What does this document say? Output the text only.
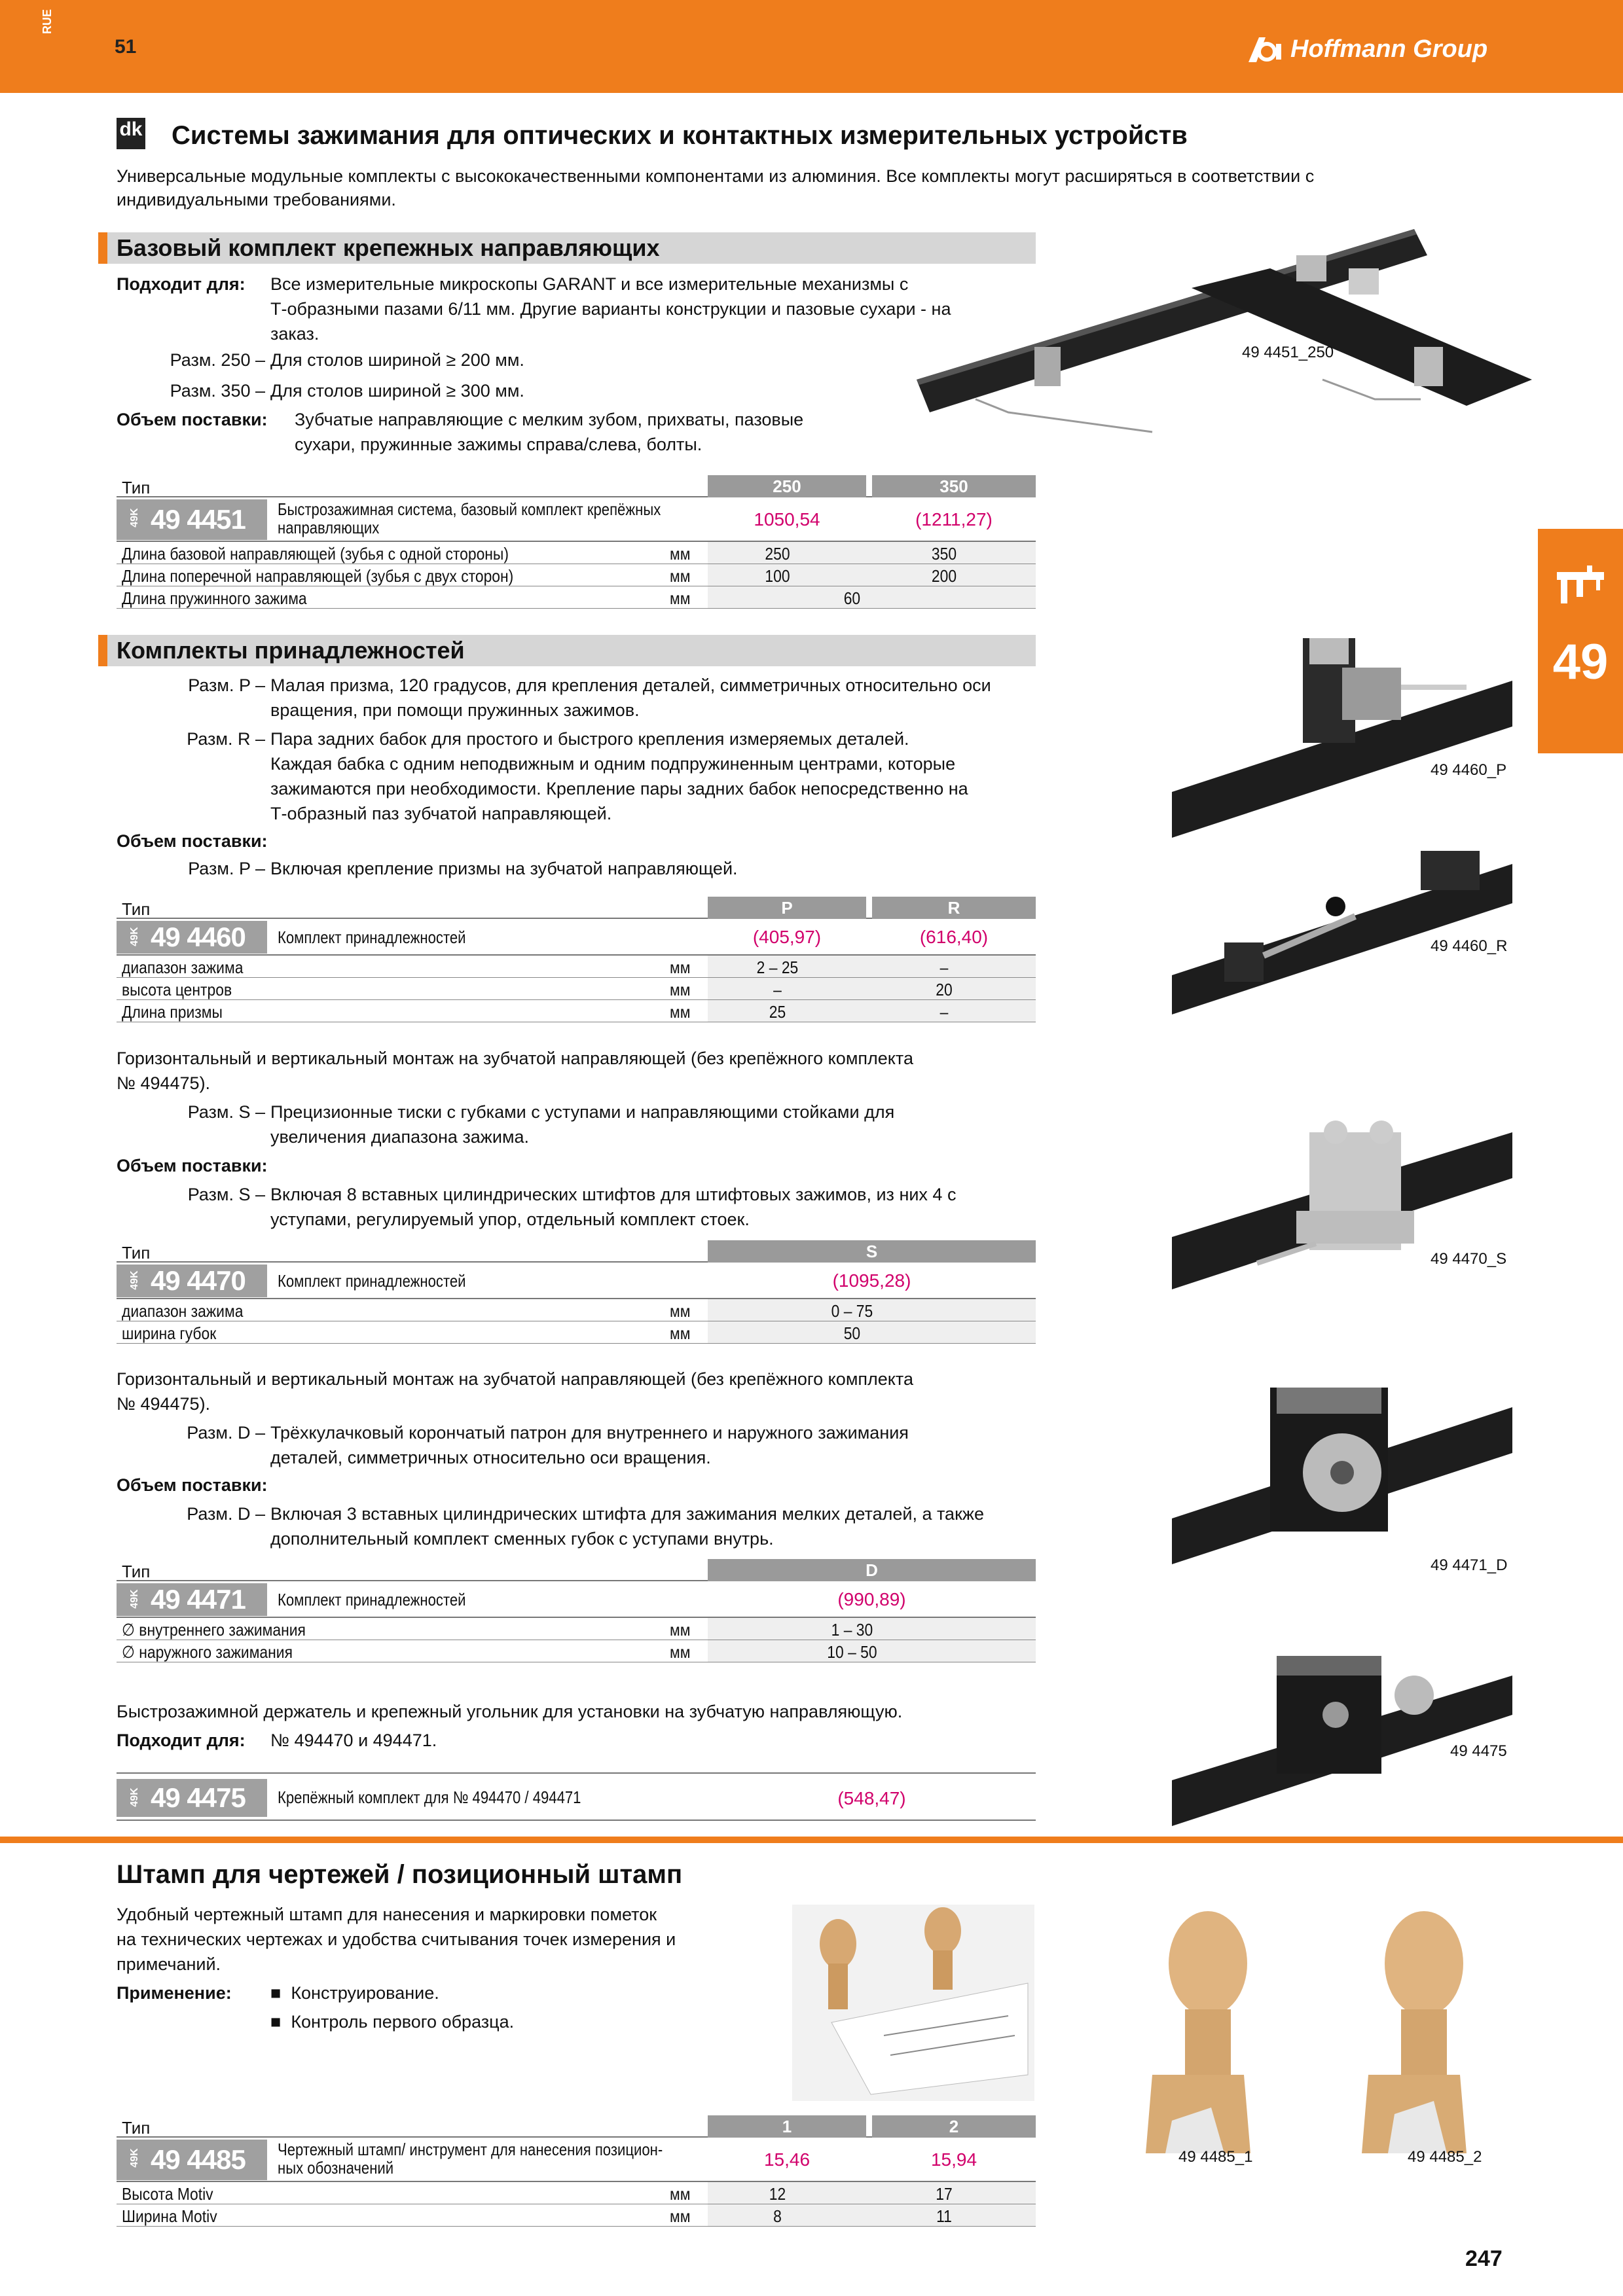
RUE
51	Hoffmann Group
49
dk Системы зажимания для оптических и контактных измерительных устройств
Универсальные модульные комплекты с высококачественными компонентами из алюминия. Все комплекты могут расширяться в соответствии с
индивидуальными требованиями.
Базовый комплект крепежных направляющих
Подходит для: Все измерительные микроскопы GARANT и все измерительные механизмы с
Т-образными пазами 6/11 мм. Другие варианты конструкции и пазовые сухари - на
заказ.
Разм. 250 – Для столов шириной ≥ 200 мм.
Разм. 350 – Для столов шириной ≥ 300 мм.
Объем поставки: Зубчатые направляющие с мелким зубом, прихваты, пазовые
сухари, пружинные зажимы справа/слева, болты.
49 4451_250
Тип	250	350
49K 49 4451	Быстрозажимная система, базовый комплект крепёжных
направляющих	1050,54	(1211,27)
Длина базовой направляющей (зубья с одной стороны)	мм	250	350
Длина поперечной направляющей (зубья с двух сторон)	мм	100	200
Длина пружинного зажима	мм	60
Комплекты принадлежностей
Разм. P – Малая призма, 120 градусов, для крепления деталей, симметричных относительно оси
вращения, при помощи пружинных зажимов.
Разм. R – Пара задних бабок для простого и быстрого крепления измеряемых деталей.
Каждая бабка с одним неподвижным и одним подпружиненным центрами, которые
зажимаются при необходимости. Крепление пары задних бабок непосредственно на
Т-образный паз зубчатой направляющей.
Объем поставки:
Разм. P – Включая крепление призмы на зубчатой направляющей.
49 4460_P
49 4460_R
Тип	P	R
49K 49 4460	Комплект принадлежностей	(405,97)	(616,40)
диапазон зажима	мм	2 – 25	–
высота центров	мм	–	20
Длина призмы	мм	25	–
Горизонтальный и вертикальный монтаж на зубчатой направляющей (без крепёжного комплекта
№ 494475).
Разм. S – Прецизионные тиски с губками с уступами и направляющими стойками для
увеличения диапазона зажима.
Объем поставки:
Разм. S – Включая 8 вставных цилиндрических штифтов для штифтовых зажимов, из них 4 с
уступами, регулируемый упор, отдельный комплект стоек.
49 4470_S
Тип	S
49K 49 4470	Комплект принадлежностей	(1095,28)
диапазон зажима	мм	0 – 75
ширина губок	мм	50
Горизонтальный и вертикальный монтаж на зубчатой направляющей (без крепёжного комплекта
№ 494475).
Разм. D – Трёхкулачковый корончатый патрон для внутреннего и наружного зажимания
деталей, симметричных относительно оси вращения.
Объем поставки:
Разм. D – Включая 3 вставных цилиндрических штифта для зажимания мелких деталей, а также
дополнительный комплект сменных губок с уступами внутрь.
49 4471_D
Тип	D
49K 49 4471	Комплект принадлежностей	(990,89)
∅ внутреннего зажимания	мм	1 – 30
∅ наружного зажимания	мм	10 – 50
Быстрозажимной держатель и крепежный угольник для установки на зубчатую направляющую.
Подходит для: № 494470 и 494471.
49 4475
49K 49 4475	Крепёжный комплект для № 494470 / 494471	(548,47)
Штамп для чертежей / позиционный штамп
Удобный чертежный штамп для нанесения и маркировки пометок
на технических чертежах и удобства считывания точек измерения и
примечаний.
Применение: ■  Конструирование.
■  Контроль первого образца.
49 4485_1	49 4485_2
Тип	1	2
49K 49 4485	Чертежный штамп/ инструмент для нанесения позицион-
ных обозначений	15,46	15,94
Высота Motiv	мм	12	17
Ширина Motiv	мм	8	11
247
